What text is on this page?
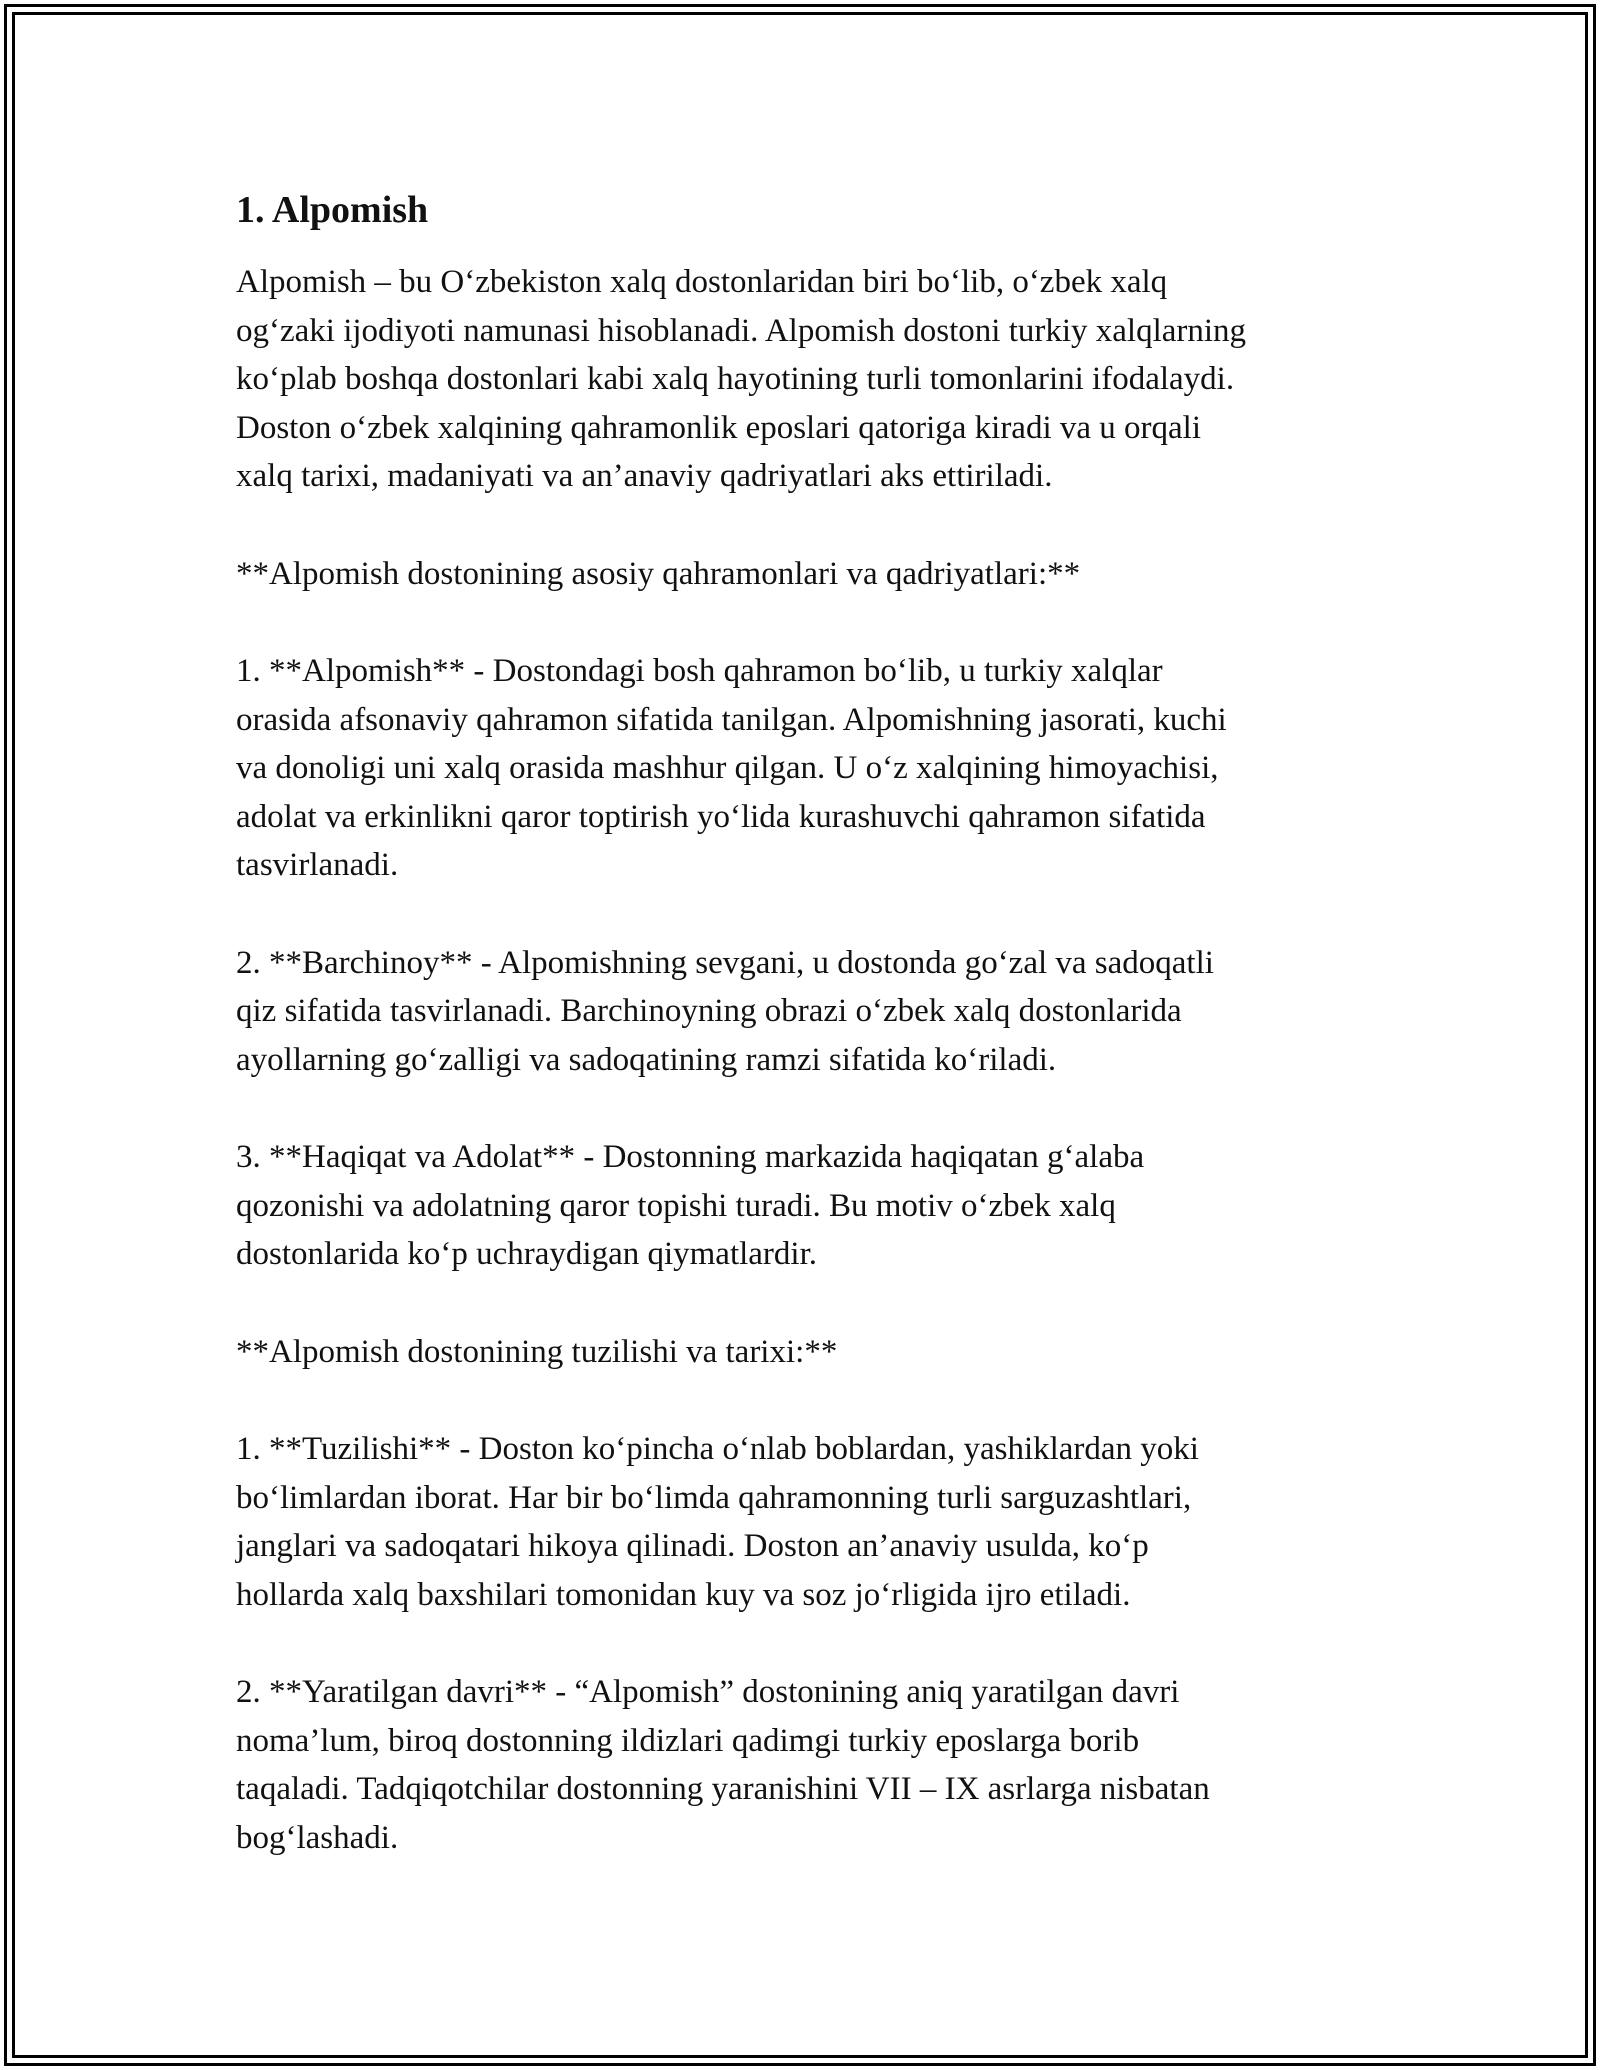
1. Alpomish
Alpomish – bu O‘zbekiston xalq dostonlaridan biri bo‘lib, o‘zbek xalq
og‘zaki ijodiyoti namunasi hisoblanadi. Alpomish dostoni turkiy xalqlarning
ko‘plab boshqa dostonlari kabi xalq hayotining turli tomonlarini ifodalaydi.
Doston o‘zbek xalqining qahramonlik eposlari qatoriga kiradi va u orqali
xalq tarixi, madaniyati va an’anaviy qadriyatlari aks ettiriladi.
**Alpomish dostonining asosiy qahramonlari va qadriyatlari:**
1. **Alpomish** - Dostondagi bosh qahramon bo‘lib, u turkiy xalqlar
orasida afsonaviy qahramon sifatida tanilgan. Alpomishning jasorati, kuchi
va donoligi uni xalq orasida mashhur qilgan. U o‘z xalqining himoyachisi,
adolat va erkinlikni qaror toptirish yo‘lida kurashuvchi qahramon sifatida
tasvirlanadi.
2. **Barchinoy** - Alpomishning sevgani, u dostonda go‘zal va sadoqatli
qiz sifatida tasvirlanadi. Barchinoyning obrazi o‘zbek xalq dostonlarida
ayollarning go‘zalligi va sadoqatining ramzi sifatida ko‘riladi.
3. **Haqiqat va Adolat** - Dostonning markazida haqiqatan g‘alaba
qozonishi va adolatning qaror topishi turadi. Bu motiv o‘zbek xalq
dostonlarida ko‘p uchraydigan qiymatlardir.
**Alpomish dostonining tuzilishi va tarixi:**
1. **Tuzilishi** - Doston ko‘pincha o‘nlab boblardan, yashiklardan yoki
bo‘limlardan iborat. Har bir bo‘limda qahramonning turli sarguzashtlari,
janglari va sadoqatari hikoya qilinadi. Doston an’anaviy usulda, ko‘p
hollarda xalq baxshilari tomonidan kuy va soz jo‘rligida ijro etiladi.
2. **Yaratilgan davri** - “Alpomish” dostonining aniq yaratilgan davri
noma’lum, biroq dostonning ildizlari qadimgi turkiy eposlarga borib
taqaladi. Tadqiqotchilar dostonning yaranishini VII – IX asrlarga nisbatan
bog‘lashadi.
